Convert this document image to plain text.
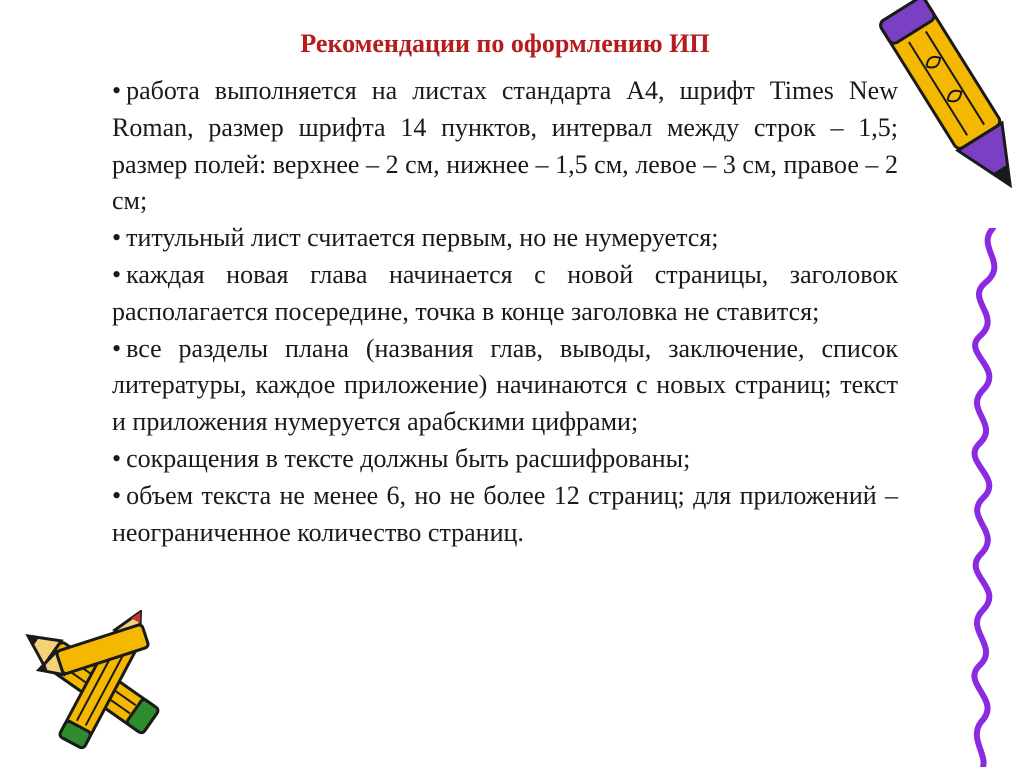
Рекомендации по оформлению ИП

• работа выполняется на листах стандарта А4, шрифт Times New Roman, размер шрифта 14 пунктов, интервал между строк – 1,5; размер полей: верхнее – 2 см, нижнее – 1,5 см, левое – 3 см, правое – 2 см;

• титульный лист считается первым, но не нумеруется;

• каждая новая глава начинается с новой страницы, заголовок располагается посередине, точка в конце заголовка не ставится;

• все разделы плана (названия глав, выводы, заключение, список литературы, каждое приложение) начинаются с новых страниц; текст и приложения нумеруется арабскими цифрами;

• сокращения в тексте должны быть расшифрованы;

• объем текста не менее 6, но не более 12 страниц; для приложений – неограниченное количество страниц.
